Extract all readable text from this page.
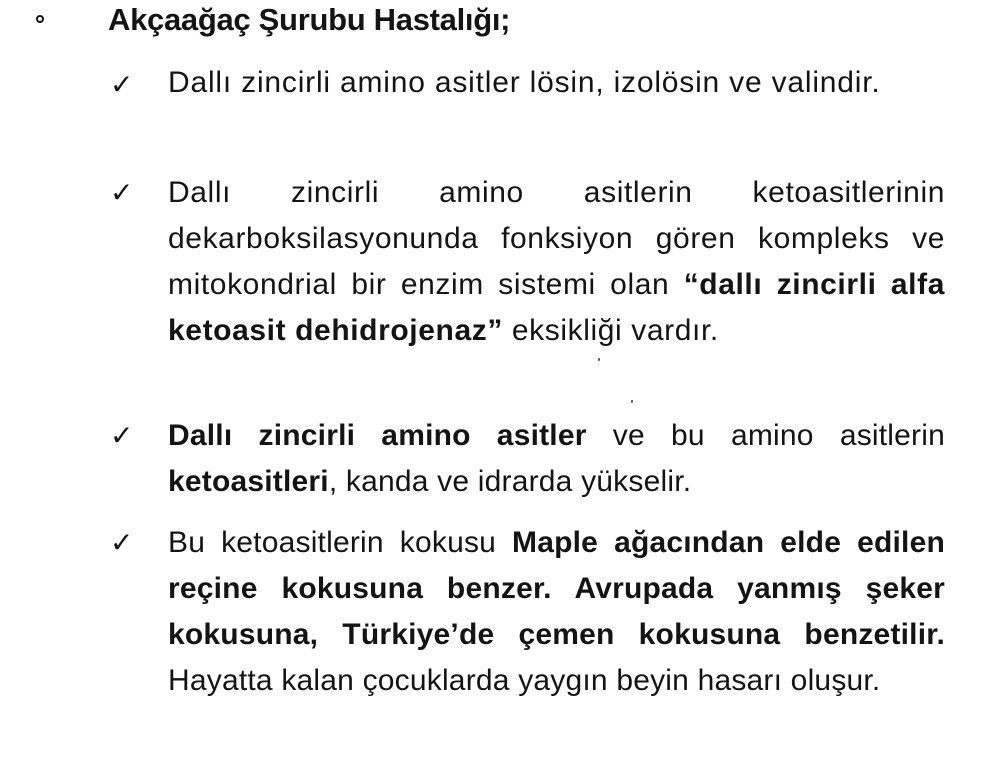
Akçaağaç Şurubu Hastalığı;
✓ Dallı zincirli amino asitler lösin, izolösin ve valindir.
✓ Dallı zincirli amino asitlerin ketoasitlerinin dekarboksilasyonunda fonksiyon gören kompleks ve mitokondrial bir enzim sistemi olan “dallı zincirli alfa ketoasit dehidrojenaz” eksikliği vardır.
✓ Dallı zincirli amino asitler ve bu amino asitlerin ketoasitleri, kanda ve idrarda yükselir.
✓ Bu ketoasitlerin kokusu Maple ağacından elde edilen reçine kokusuna benzer. Avrupada yanmış şeker kokusuna, Türkiye’de çemen kokusuna benzetilir. Hayatta kalan çocuklarda yaygın beyin hasarı oluşur.
